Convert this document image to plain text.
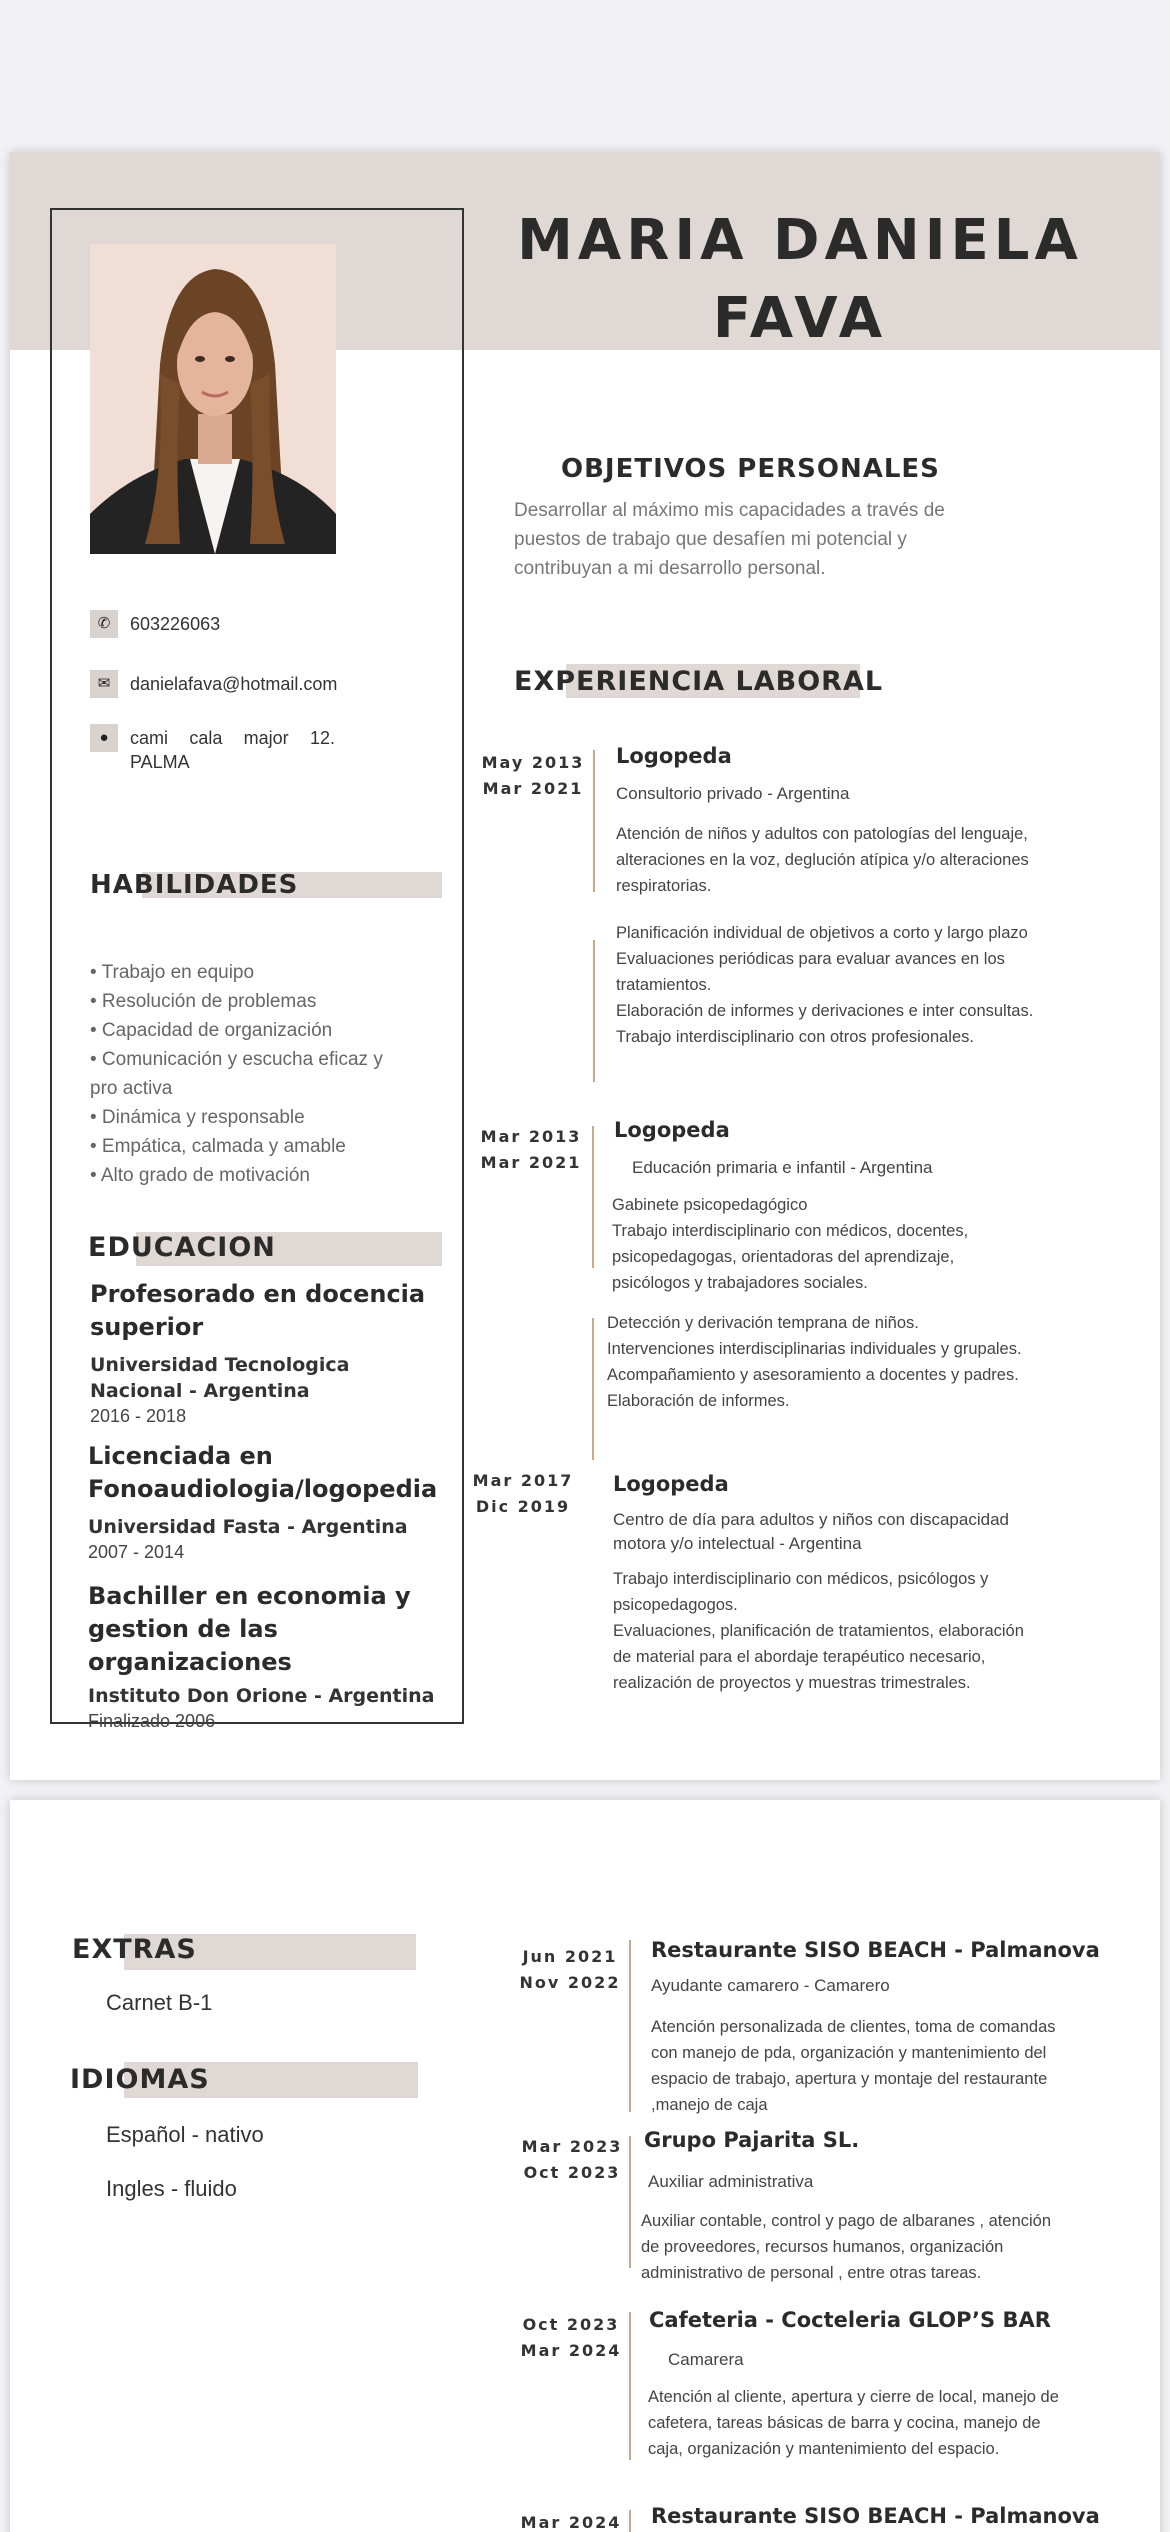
MARIA DANIELA
FAVA
✆	603226063
✉	danielafava@hotmail.com
●	cami cala major 12.
PALMA
HABILIDADES
• Trabajo en equipo
• Resolución de problemas
• Capacidad de organización
• Comunicación y escucha eficaz y
pro activa
• Dinámica y responsable
• Empática, calmada y amable
• Alto grado de motivación
EDUCACION
Profesorado en docencia
superior
Universidad Tecnologica
Nacional - Argentina
2016 - 2018
Licenciada en
Fonoaudiologia/logopedia
Universidad Fasta - Argentina
2007 - 2014
Bachiller en economia y
gestion de las organizaciones
Instituto Don Orione - Argentina
Finalizado 2006
OBJETIVOS PERSONALES
Desarrollar al máximo mis capacidades a través de
puestos de trabajo que desafíen mi potencial y
contribuyan a mi desarrollo personal.
EXPERIENCIA LABORAL
May 2013
Mar 2021
Logopeda
Consultorio privado - Argentina
Atención de niños y adultos con patologías del lenguaje,
alteraciones en la voz, deglución atípica y/o alteraciones
respiratorias.
Planificación individual de objetivos a corto y largo plazo
Evaluaciones periódicas para evaluar avances en los
tratamientos.
Elaboración de informes y derivaciones e inter consultas.
Trabajo interdisciplinario con otros profesionales.
Mar 2013
Mar 2021
Logopeda
Educación primaria e infantil - Argentina
Gabinete psicopedagógico
Trabajo interdisciplinario con médicos, docentes,
psicopedagogas, orientadoras del aprendizaje,
psicólogos y trabajadores sociales.
Detección y derivación temprana de niños.
Intervenciones interdisciplinarias individuales y grupales.
Acompañamiento y asesoramiento a docentes y padres.
Elaboración de informes.
Mar 2017
Dic 2019
Logopeda
Centro de día para adultos y niños con discapacidad
motora y/o intelectual - Argentina
Trabajo interdisciplinario con médicos, psicólogos y
psicopedagogos.
Evaluaciones, planificación de tratamientos, elaboración
de material para el abordaje terapéutico necesario,
realización de proyectos y muestras trimestrales.
EXTRAS
Carnet B-1
IDIOMAS
Español - nativo
Ingles - fluido
Jun 2021
Nov 2022
Restaurante SISO BEACH - Palmanova
Ayudante camarero - Camarero
Atención personalizada de clientes, toma de comandas
con manejo de pda, organización y mantenimiento del
espacio de trabajo, apertura y montaje del restaurante
,manejo de caja
Mar 2023
Oct 2023
Grupo Pajarita SL.
Auxiliar administrativa
Auxiliar contable, control y pago de albaranes , atención
de proveedores, recursos humanos, organización
administrativo de personal , entre otras tareas.
Oct 2023
Mar 2024
Cafeteria - Cocteleria GLOP’S BAR
Camarera
Atención al cliente, apertura y cierre de local, manejo de
cafetera, tareas básicas de barra y cocina, manejo de
caja, organización y mantenimiento del espacio.
Mar 2024 Restaurante SISO BEACH - Palmanova
